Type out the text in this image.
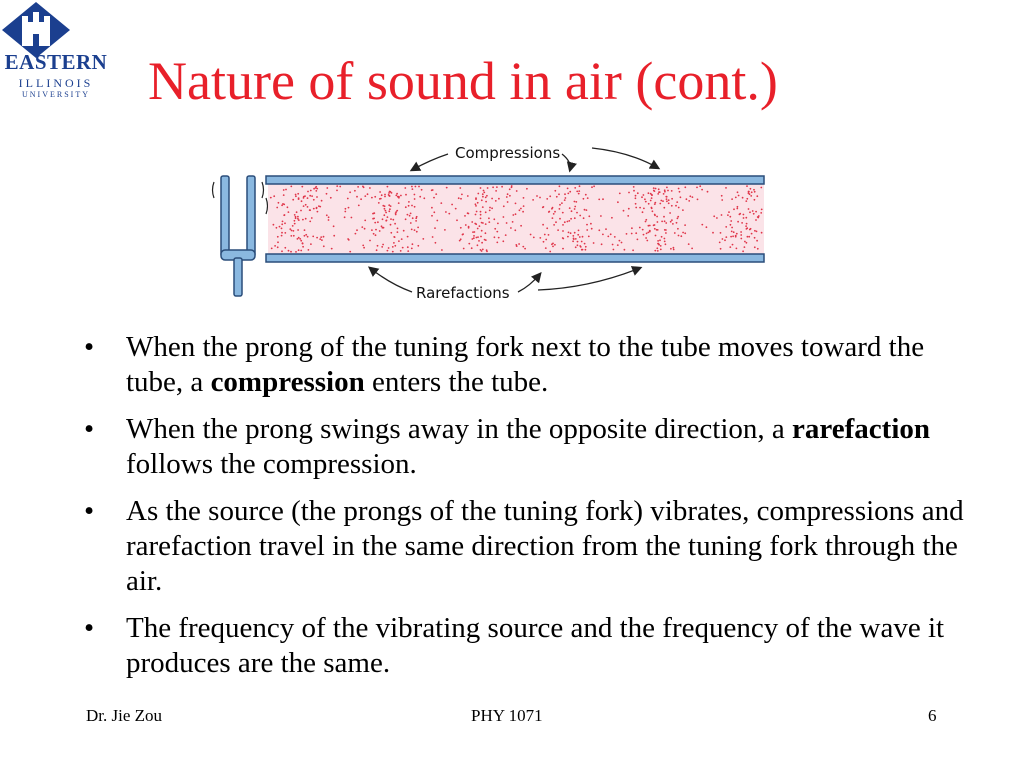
EASTERN
ILLINOIS
UNIVERSITY Nature of sound in air (cont.)
Compressions
Rarefactions
• When the prong of the tuning fork next to the tube moves toward the tube, a compression enters the tube.
• When the prong swings away in the opposite direction, a rarefaction follows the compression.
• As the source (the prongs of the tuning fork) vibrates, compressions and rarefaction travel in the same direction from the tuning fork through the air.
• The frequency of the vibrating source and the frequency of the wave it produces are the same.
Dr. Jie Zou	PHY 1071	6
